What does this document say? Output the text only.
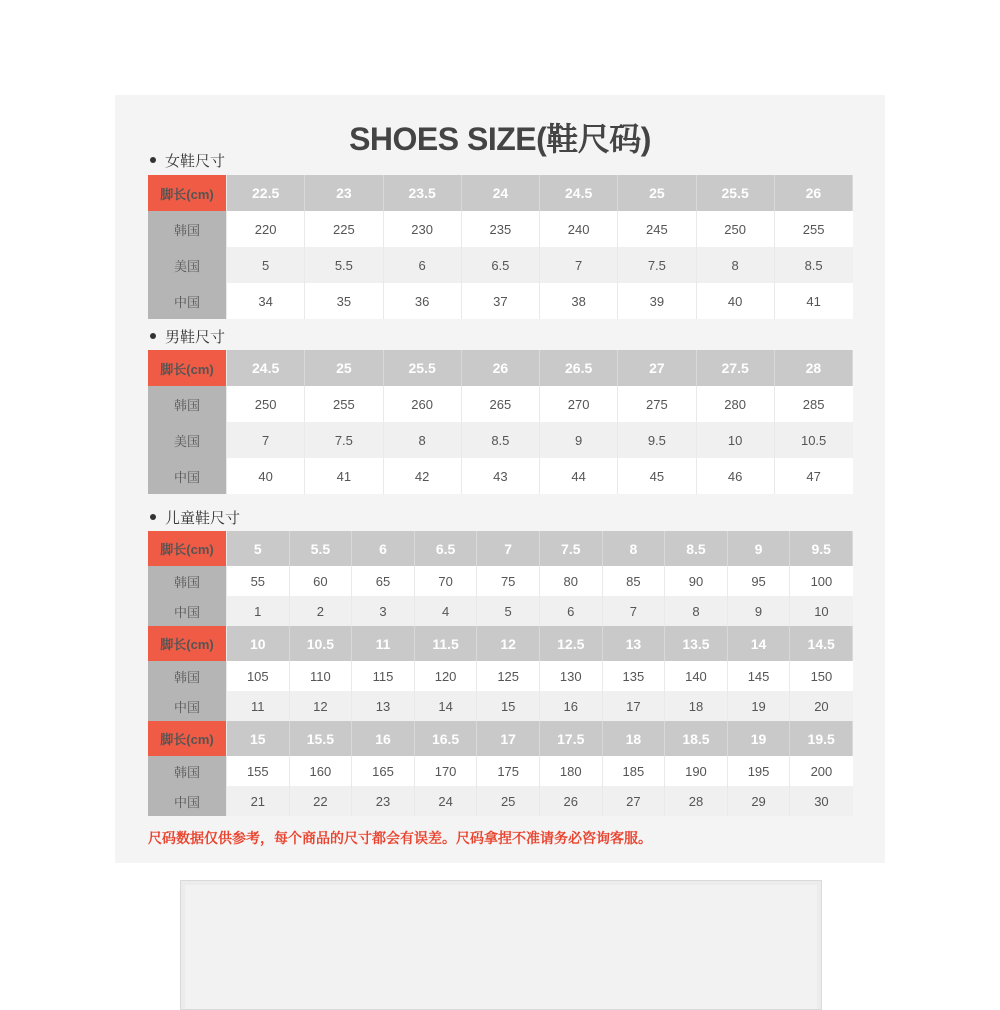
SHOES SIZE(鞋尺码)
女鞋尺寸
脚长(cm)	22.5	23	23.5	24	24.5	25	25.5	26
韩国	220	225	230	235	240	245	250	255
美国	5	5.5	6	6.5	7	7.5	8	8.5
中国	34	35	36	37	38	39	40	41
男鞋尺寸
脚长(cm)	24.5	25	25.5	26	26.5	27	27.5	28
韩国	250	255	260	265	270	275	280	285
美国	7	7.5	8	8.5	9	9.5	10	10.5
中国	40	41	42	43	44	45	46	47
儿童鞋尺寸
脚长(cm)	5	5.5	6	6.5	7	7.5	8	8.5	9	9.5
韩国	55	60	65	70	75	80	85	90	95	100
中国	1	2	3	4	5	6	7	8	9	10
脚长(cm)	10	10.5	11	11.5	12	12.5	13	13.5	14	14.5
韩国	105	110	115	120	125	130	135	140	145	150
中国	11	12	13	14	15	16	17	18	19	20
脚长(cm)	15	15.5	16	16.5	17	17.5	18	18.5	19	19.5
韩国	155	160	165	170	175	180	185	190	195	200
中国	21	22	23	24	25	26	27	28	29	30
尺码数据仅供参考，每个商品的尺寸都会有误差。尺码拿捏不准请务必咨询客服。
